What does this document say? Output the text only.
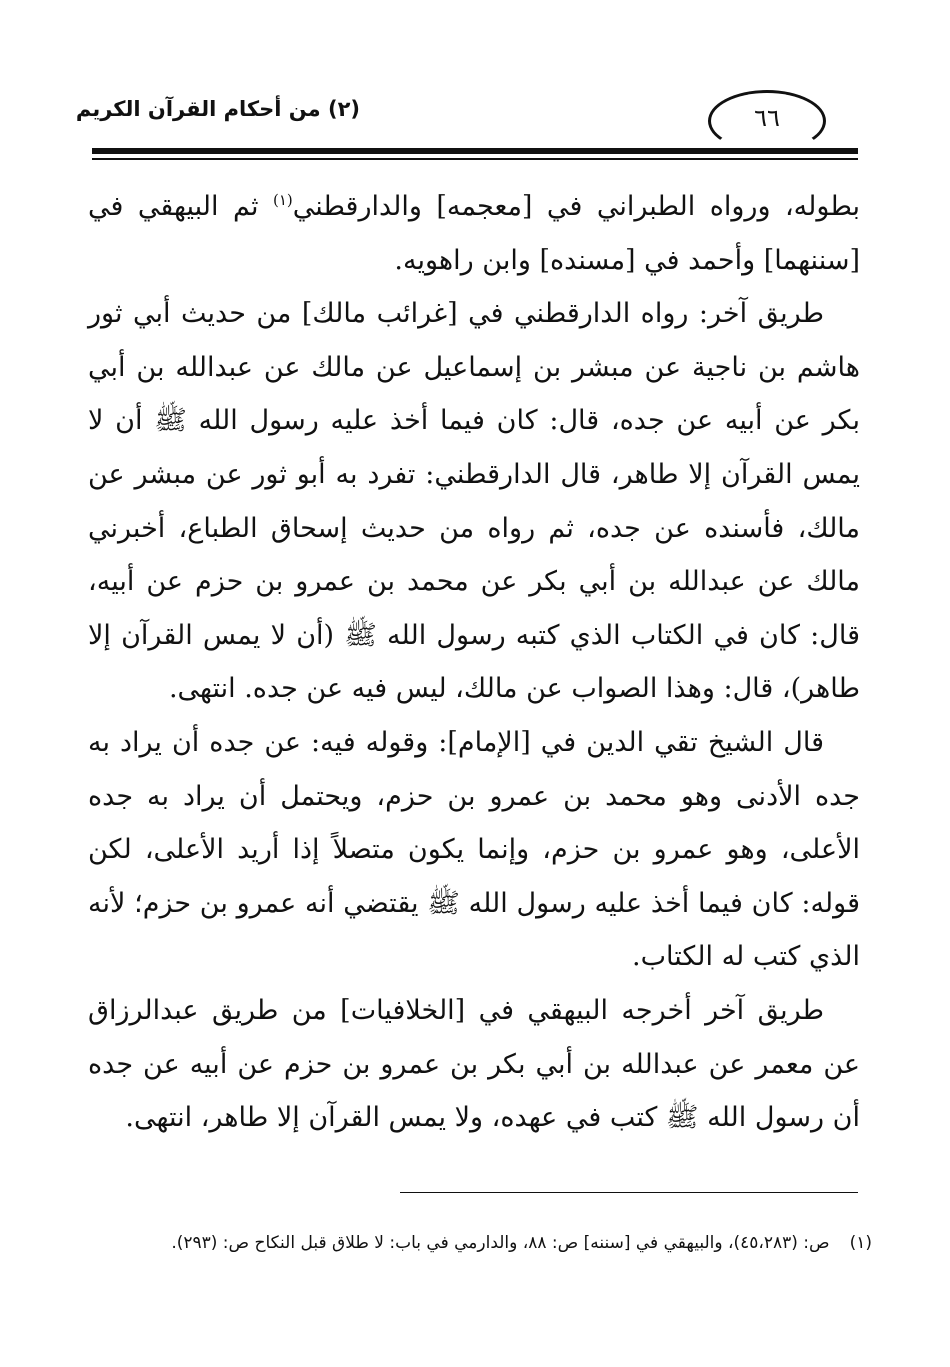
(٢) من أحكام القرآن الكريم	٦٦

بطوله، ورواه الطبراني في [معجمه] والدارقطني$^{(١)}$ ثم البيهقي في [سننهما] وأحمد في [مسنده] وابن راهويه.

طريق آخر: رواه الدارقطني في [غرائب مالك] من حديث أبي ثور هاشم بن ناجية عن مبشر بن إسماعيل عن مالك عن عبدالله بن أبي بكر عن أبيه عن جده، قال: كان فيما أخذ عليه رسول الله ﷺ أن لا يمس القرآن إلا طاهر، قال الدارقطني: تفرد به أبو ثور عن مبشر عن مالك، فأسنده عن جده، ثم رواه من حديث إسحاق الطباع، أخبرني مالك عن عبدالله بن أبي بكر عن محمد بن عمرو بن حزم عن أبيه، قال: كان في الكتاب الذي كتبه رسول الله ﷺ (أن لا يمس القرآن إلا طاهر)، قال: وهذا الصواب عن مالك، ليس فيه عن جده. انتهى.

قال الشيخ تقي الدين في [الإمام]: وقوله فيه: عن جده أن يراد به جده الأدنى وهو محمد بن عمرو بن حزم، ويحتمل أن يراد به جده الأعلى، وهو عمرو بن حزم، وإنما يكون متصلاً إذا أريد الأعلى، لكن قوله: كان فيما أخذ عليه رسول الله ﷺ يقتضي أنه عمرو بن حزم؛ لأنه الذي كتب له الكتاب.

طريق آخر أخرجه البيهقي في [الخلافيات] من طريق عبدالرزاق عن معمر عن عبدالله بن أبي بكر بن عمرو بن حزم عن أبيه عن جده أن رسول الله ﷺ كتب في عهده، ولا يمس القرآن إلا طاهر، انتهى.

(١)ص: (٤٥،٢٨٣)، والبيهقي في [سننه] ص: ٨٨، والدارمي في باب: لا طلاق قبل النكاح ص: (٢٩٣).
